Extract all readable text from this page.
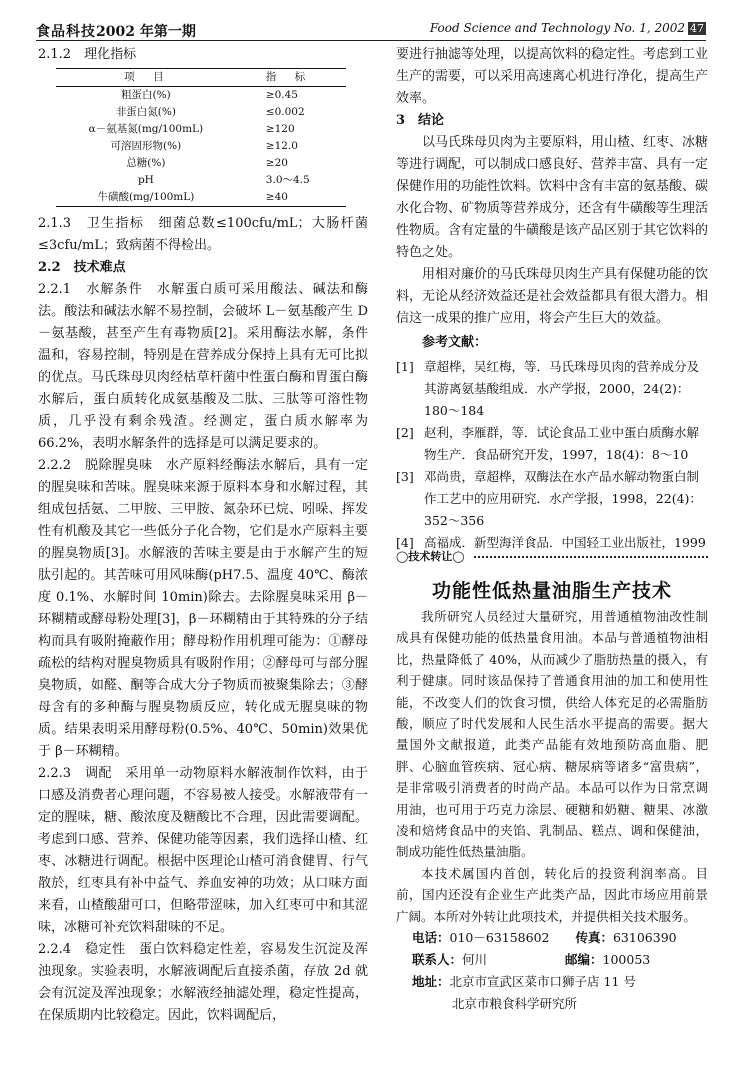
食品科技2002 年第一期	Food Science and Technology No. 1, 2002 47

2.1.2　理化指标

项　目	指　标
粗蛋白(%)	≥0.45
非蛋白氮(%)	≤0.002
α－氨基氮(mg/100mL)	≥120
可溶固形物(%)	≥12.0
总糖(%)	≥20
pH	3.0～4.5
牛磺酸(mg/100mL)	≥40

2.1.3　卫生指标　细菌总数≤100cfu/mL；大肠杆菌≤3cfu/mL；致病菌不得检出。

2.2　技术难点

2.2.1　水解条件　水解蛋白质可采用酸法、碱法和酶法。酸法和碱法水解不易控制，会破坏 L－氨基酸产生 D－氨基酸，甚至产生有毒物质[2]。采用酶法水解，条件温和，容易控制，特别是在营养成分保持上具有无可比拟的优点。马氏珠母贝肉经枯草杆菌中性蛋白酶和胃蛋白酶水解后，蛋白质转化成氨基酸及二肽、三肽等可溶性物质，几乎没有剩余残渣。经测定，蛋白质水解率为 66.2%，表明水解条件的选择是可以满足要求的。

2.2.2　脱除腥臭味　水产原料经酶法水解后，具有一定的腥臭味和苦味。腥臭味来源于原料本身和水解过程，其组成包括氨、二甲胺、三甲胺、氮杂环已烷、吲哚、挥发性有机酸及其它一些低分子化合物，它们是水产原料主要的腥臭物质[3]。水解液的苦味主要是由于水解产生的短肽引起的。其苦味可用风味酶(pH7.5、温度 40℃、酶浓度 0.1%、水解时间 10min)除去。去除腥臭味采用 β－环糊精或酵母粉处理[3]，β－环糊精由于其特殊的分子结构而具有吸附掩蔽作用；酵母粉作用机理可能为：①酵母疏松的结构对腥臭物质具有吸附作用；②酵母可与部分腥臭物质，如醛、酮等合成大分子物质而被聚集除去；③酵母含有的多种酶与腥臭物质反应，转化成无腥臭味的物质。结果表明采用酵母粉(0.5%、40℃、50min)效果优于 β－环糊精。

2.2.3　调配　采用单一动物原料水解液制作饮料，由于口感及消费者心理问题，不容易被人接受。水解液带有一定的腥味，糖、酸浓度及糖酸比不合理，因此需要调配。考虑到口感、营养、保健功能等因素，我们选择山楂、红枣、冰糖进行调配。根据中医理论山楂可消食健胃、行气散於，红枣具有补中益气、养血安神的功效；从口味方面来看，山楂酸甜可口，但略带涩味，加入红枣可中和其涩味，冰糖可补充饮料甜味的不足。

2.2.4　稳定性　蛋白饮料稳定性差，容易发生沉淀及浑浊现象。实验表明，水解液调配后直接杀菌，存放 2d 就会有沉淀及浑浊现象；水解液经抽滤处理，稳定性提高，在保质期内比较稳定。因此，饮料调配后，

要进行抽滤等处理，以提高饮料的稳定性。考虑到工业生产的需要，可以采用高速离心机进行净化，提高生产效率。

3　结论

以马氏珠母贝肉为主要原料，用山楂、红枣、冰糖等进行调配，可以制成口感良好、营养丰富、具有一定保健作用的功能性饮料。饮料中含有丰富的氨基酸、碳水化合物、矿物质等营养成分，还含有牛磺酸等生理活性物质。含有定量的牛磺酸是该产品区别于其它饮料的特色之处。

用相对廉价的马氏珠母贝肉生产具有保健功能的饮料，无论从经济效益还是社会效益都具有很大潜力。相信这一成果的推广应用，将会产生巨大的效益。

参考文献：

[1] 章超桦，吴红梅，等．马氏珠母贝肉的营养成分及其游离氨基酸组成．水产学报，2000，24(2)：180～184
[2] 赵利，李雁群，等．试论食品工业中蛋白质酶水解物生产．食品研究开发，1997，18(4)：8～10
[3] 邓尚贵，章超桦，双酶法在水产品水解动物蛋白制作工艺中的应用研究．水产学报，1998，22(4)：352～356
[4] 高福成．新型海洋食品．中国轻工业出版社，1999
◯技术转让◯
功能性低热量油脂生产技术

我所研究人员经过大量研究，用普通植物油改性制成具有保健功能的低热量食用油。本品与普通植物油相比，热量降低了 40%，从而减少了脂肪热量的摄入，有利于健康。同时该品保持了普通食用油的加工和使用性能，不改变人们的饮食习惯，供给人体充足的必需脂肪酸，顺应了时代发展和人民生活水平提高的需要。据大量国外文献报道，此类产品能有效地预防高血脂、肥胖、心脑血管疾病、冠心病、糖尿病等诸多“富贵病”，是非常吸引消费者的时尚产品。本品可以作为日常烹调用油，也可用于巧克力涂层、硬糖和奶糖、糖果、冰激凌和焙烤食品中的夹馅、乳制品、糕点、调和保健油，制成功能性低热量油脂。

本技术属国内首创，转化后的投资利润率高。目前，国内还没有企业生产此类产品，因此市场应用前景广阔。本所对外转让此项技术，并提供相关技术服务。

电话：010－63158602 传真：63106390
联系人：何川	邮编：100053
地址：北京市宣武区菜市口狮子店 11 号
北京市粮食科学研究所
